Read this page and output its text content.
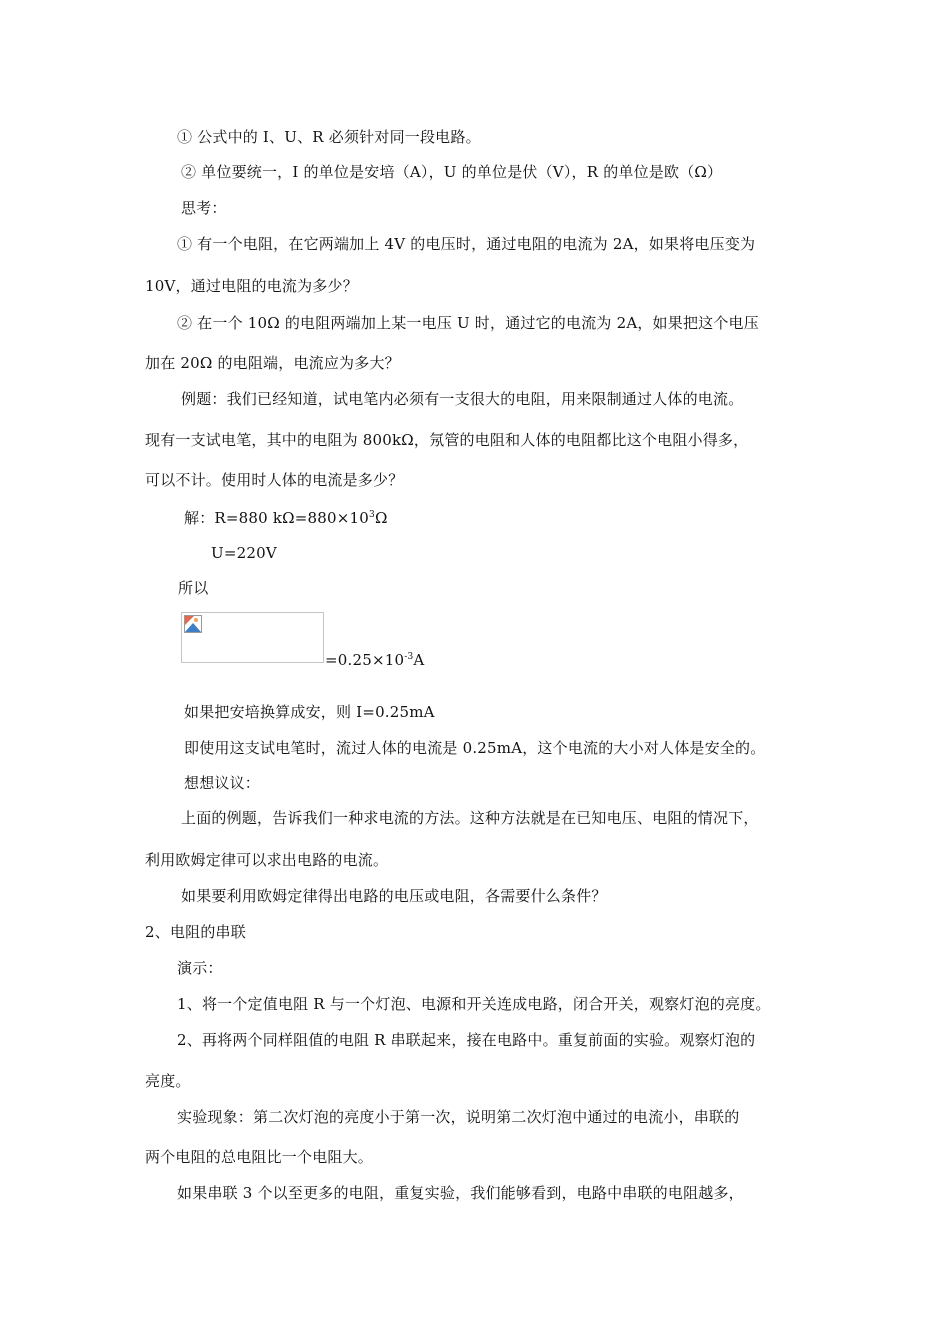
① 公式中的 I、U、R 必须针对同一段电路。
② 单位要统一，I 的单位是安培（A），U 的单位是伏（V），R 的单位是欧（Ω）
思考：
① 有一个电阻，在它两端加上 4V 的电压时，通过电阻的电流为 2A，如果将电压变为
10V，通过电阻的电流为多少？
② 在一个 10Ω 的电阻两端加上某一电压 U 时，通过它的电流为 2A，如果把这个电压
加在 20Ω 的电阻端，电流应为多大？
例题：我们已经知道，试电笔内必须有一支很大的电阻，用来限制通过人体的电流。
现有一支试电笔，其中的电阻为 800kΩ，氖管的电阻和人体的电阻都比这个电阻小得多，
可以不计。使用时人体的电流是多少？
解：R=880 $k\Omega=880\times 10^3\Omega$
U=220V
所以
$=0.25\times 10^{-3}A$
如果把安培换算成安，则 I=0.25mA
即使用这支试电笔时，流过人体的电流是 0.25mA，这个电流的大小对人体是安全的。
想想议议：
上面的例题，告诉我们一种求电流的方法。这种方法就是在已知电压、电阻的情况下，
利用欧姆定律可以求出电路的电流。
如果要利用欧姆定律得出电路的电压或电阻，各需要什么条件？
2、电阻的串联
演示：
1、将一个定值电阻 R 与一个灯泡、电源和开关连成电路，闭合开关，观察灯泡的亮度。
2、再将两个同样阻值的电阻 R 串联起来，接在电路中。重复前面的实验。观察灯泡的
亮度。
实验现象：第二次灯泡的亮度小于第一次，说明第二次灯泡中通过的电流小，串联的
两个电阻的总电阻比一个电阻大。
如果串联 3 个以至更多的电阻，重复实验，我们能够看到，电路中串联的电阻越多，
